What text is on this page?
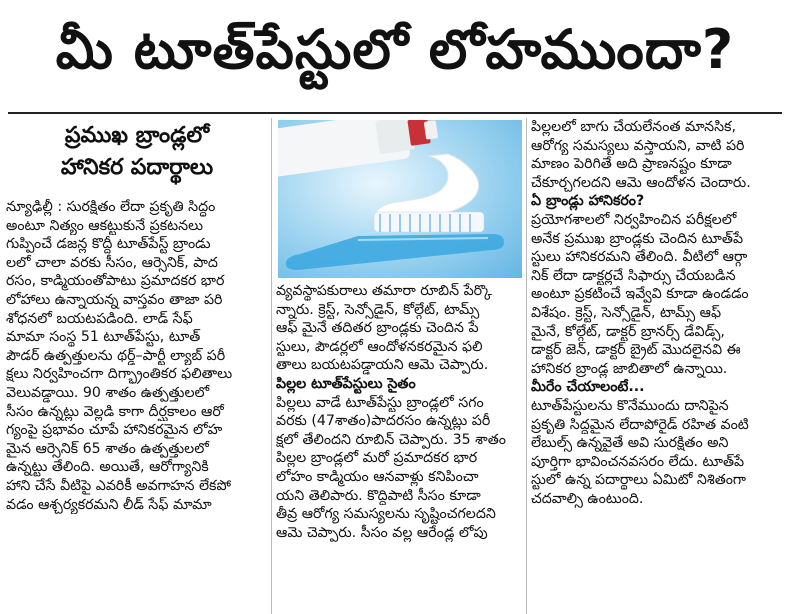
మీ టూత్‌పేస్టులో లోహముందా?
ప్రముఖ బ్రాండ్లలో
హానికర పదార్థాలు
న్యూఢిల్లీ : సురక్షితం లేదా ప్రకృతి సిద్ధం
అంటూ నిత్యం ఆకట్టుకునే ప్రకటనలు
గుప్పించే డజన్ల కొద్దీ టూత్‌పేస్ట్ బ్రాండు
లలో చాలా వరకు సీసం, ఆర్సెనిక్, పాద
రసం, కాడ్మియంతోపాటు ప్రమాదకర భార
లోహాలు ఉన్నాయన్న వాస్తవం తాజా పరి
శోధనలో బయటపడింది. లాడ్ సేఫ్
మామా సంస్థ 51 టూత్‌పేస్టు, టూత్
పౌడర్ ఉత్పత్తులను థర్డ్–పార్టీ ల్యాబ్ పరీ
క్షలు నిర్వహించగా దిగ్భ్రాంతికర ఫలితాలు
వెలువడ్డాయి. 90 శాతం ఉత్పత్తులలో
సీసం ఉన్నట్లు వెల్లడి కాగా దీర్ఘకాలం ఆరో
గ్యంపై ప్రభావం చూపే హానికరమైన లోహ
మైన ఆర్సెనిక్ 65 శాతం ఉత్పత్తులలో
ఉన్నట్టు తేలింది. అయితే, ఆరోగ్యానికి
హాని చేసే వీటిపై ఎవరికీ అవగాహన లేకపో
వడం ఆశ్చర్యకరమని లీడ్ సేఫ్ మామా
వ్యవస్థాపకురాలు తమారా రూబిన్ పేర్కొ
న్నారు. క్రెస్ట్, సెన్సోడైన్, కోల్గేట్, టామ్స్
ఆఫ్ మైనే తదితర బ్రాండ్లకు చెందిన పే
స్టులు, పౌడర్లలో ఆందోళనకరమైన ఫలి
తాలు బయటపడ్డాయని ఆమె చెప్పారు.
పిల్లల టూత్‌పేస్టులు సైతం
పిల్లలు వాడే టూత్‌పేస్టు బ్రాండ్లలో సగం
వరకు (47శాతం)పాదరసం ఉన్నట్లు పరీ
క్షలో తేలిందని రూబిన్ చెప్పారు. 35 శాతం
పిల్లల బ్రాండ్లలో మరో ప్రమాదకర భార
లోహం కాడ్మియం ఆనవాళ్లు కనిపించా
యని తెలిపారు. కొద్దిపాటి సీసం కూడా
తీవ్ర ఆరోగ్య సమస్యలను సృష్టించగలదని
ఆమె చెప్పారు. సీసం వల్ల ఆరేండ్ల లోపు
పిల్లలలో బాగు చేయలేనంత మానసిక,
ఆరోగ్య సమస్యలు వస్తాయని, వాటి పరి
మాణం పెరిగితే అది ప్రాణనష్టం కూడా
చేకూర్చగలదని ఆమె ఆందోళన చెందారు.
ఏ బ్రాండ్లు హానికరం?
ప్రయోగశాలలో నిర్వహించిన పరీక్షలలో
అనేక ప్రముఖ బ్రాండ్లకు చెందిన టూత్‌పే
స్టులు హానికరమని తేలింది. వీటిలో ఆర్గా
నిక్ లేదా డాక్టర్లచే సిఫార్సు చేయబడిన
అంటూ ప్రకటించే ఇవ్వేవి కూడా ఉండడం
విశేషం. క్రెస్ట్, సెన్సోడైన్, టామ్స్ ఆఫ్
మైనే, కోల్గేట్, డాక్టర్ బ్రానర్స్ డేవిడ్స్,
డాక్టర్ జెన్, డాక్టర్ బ్రైట్ మొదలైనవి ఈ
హానికర బ్రాండ్ల జాబితాలో ఉన్నాయి.
మీరేం చేయాలంటే...
టూత్‌పేస్టులను కొనేముందు దానిపైన
ప్రకృతి సిద్ధమైన లేదాపోరైడ్ రహిత వంటి
లేబుల్స్ ఉన్నవైతే అవి సురక్షితం అని
పూర్తిగా భావించనవసరం లేదు. టూత్‌పే
స్టులో ఉన్న పదార్థాలు ఏమిటో నిశితంగా
చదవాల్సి ఉంటుంది.
